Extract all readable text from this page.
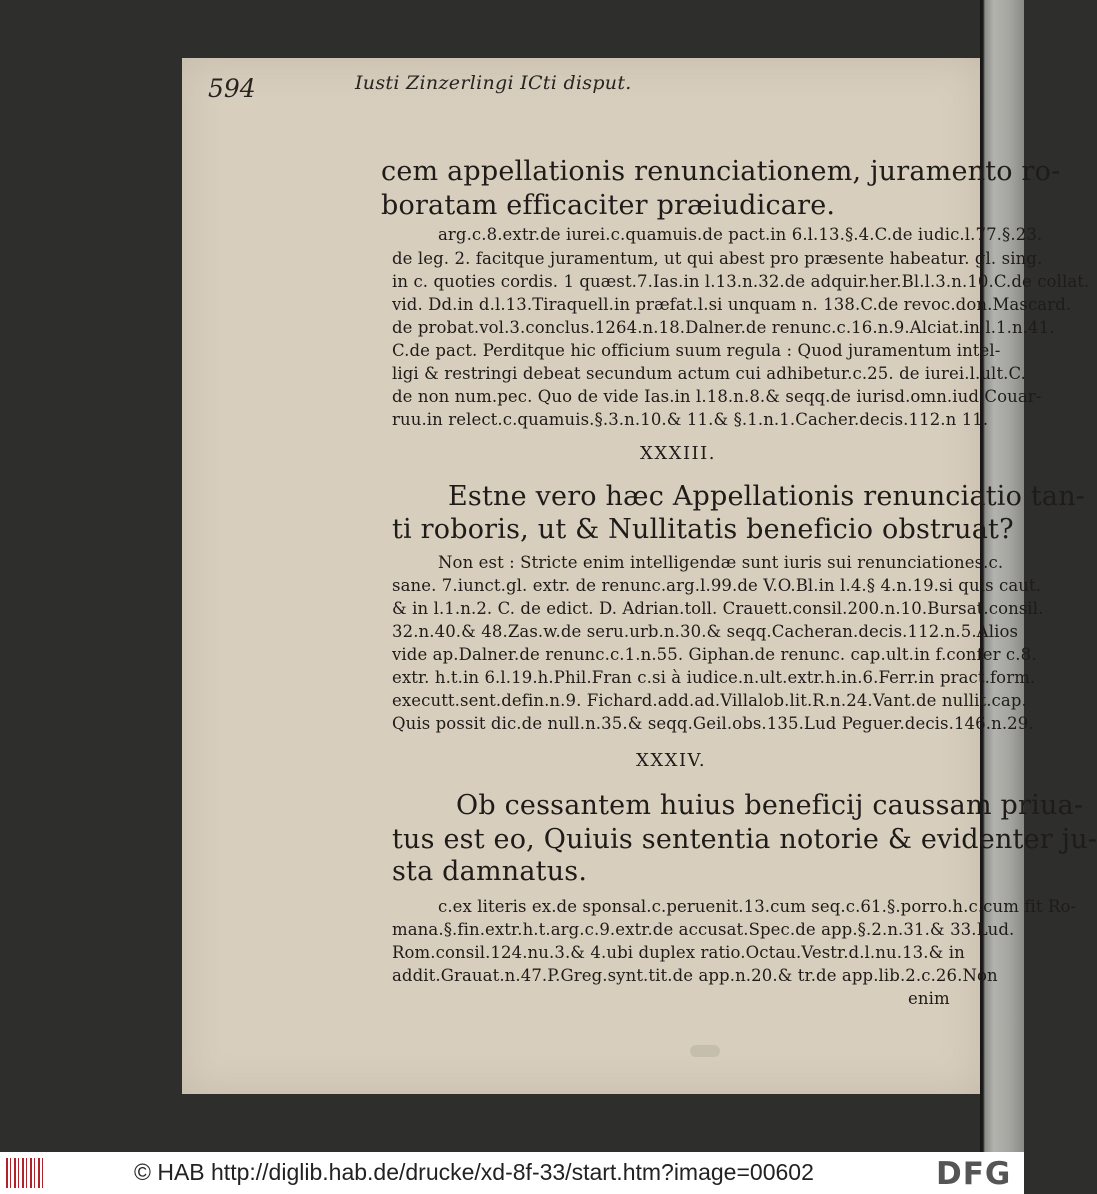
594	Iusti Zinzerlingi ICti disput.
cem appellationis renunciationem, juramento ro-
boratam efficaciter præiudicare.
arg.c.8.extr.de iurei.c.quamuis.de pact.in 6.l.13.§.4.C.de iudic.l.77.§.23.
de leg. 2. facitque juramentum, ut qui abest pro præsente habeatur. gl. sing.
in c. quoties cordis. 1 quæst.7.Ias.in l.13.n.32.de adquir.her.Bl.l.3.n.10.C.de collat.
vid. Dd.in d.l.13.Tiraquell.in præfat.l.si unquam n. 138.C.de revoc.don.Mascard.
de probat.vol.3.conclus.1264.n.18.Dalner.de renunc.c.16.n.9.Alciat.in l.1.n.41.
C.de pact. Perditque hic officium suum regula : Quod juramentum intel-
ligi & restringi debeat secundum actum cui adhibetur.c.25. de iurei.l.ult.C.
de non num.pec. Quo de vide Ias.in l.18.n.8.& seqq.de iurisd.omn.iud.Couar-
ruu.in relect.c.quamuis.§.3.n.10.& 11.& §.1.n.1.Cacher.decis.112.n 11.
XXXIII.
Estne vero hæc Appellationis renunciatio tan-
ti roboris, ut & Nullitatis beneficio obstruat?
Non est : Stricte enim intelligendæ sunt iuris sui renunciationes.c.
sane. 7.iunct.gl. extr. de renunc.arg.l.99.de V.O.Bl.in l.4.§ 4.n.19.si quis caut.
& in l.1.n.2. C. de edict. D. Adrian.toll. Crauett.consil.200.n.10.Bursat.consil.
32.n.40.& 48.Zas.w.de seru.urb.n.30.& seqq.Cacheran.decis.112.n.5.Alios
vide ap.Dalner.de renunc.c.1.n.55. Giphan.de renunc. cap.ult.in f.confer c.8.
extr. h.t.in 6.l.19.h.Phil.Fran c.si à iudice.n.ult.extr.h.in.6.Ferr.in pract.form.
executt.sent.defin.n.9. Fichard.add.ad.Villalob.lit.R.n.24.Vant.de nullit.cap.
Quis possit dic.de null.n.35.& seqq.Geil.obs.135.Lud Peguer.decis.146.n.29.
XXXIV.
Ob cessantem huius beneficij caussam priua-
tus est eo, Quiuis sententia notorie & evidenter ju-
sta damnatus.
c.ex literis ex.de sponsal.c.peruenit.13.cum seq.c.61.§.porro.h.c.cum fit Ro-
mana.§.fin.extr.h.t.arg.c.9.extr.de accusat.Spec.de app.§.2.n.31.& 33.Lud.
Rom.consil.124.nu.3.& 4.ubi duplex ratio.Octau.Vestr.d.l.nu.13.& in
addit.Grauat.n.47.P.Greg.synt.tit.de app.n.20.& tr.de app.lib.2.c.26.Non
enim
© HAB http://diglib.hab.de/drucke/xd-8f-33/start.htm?image=00602	DFG
